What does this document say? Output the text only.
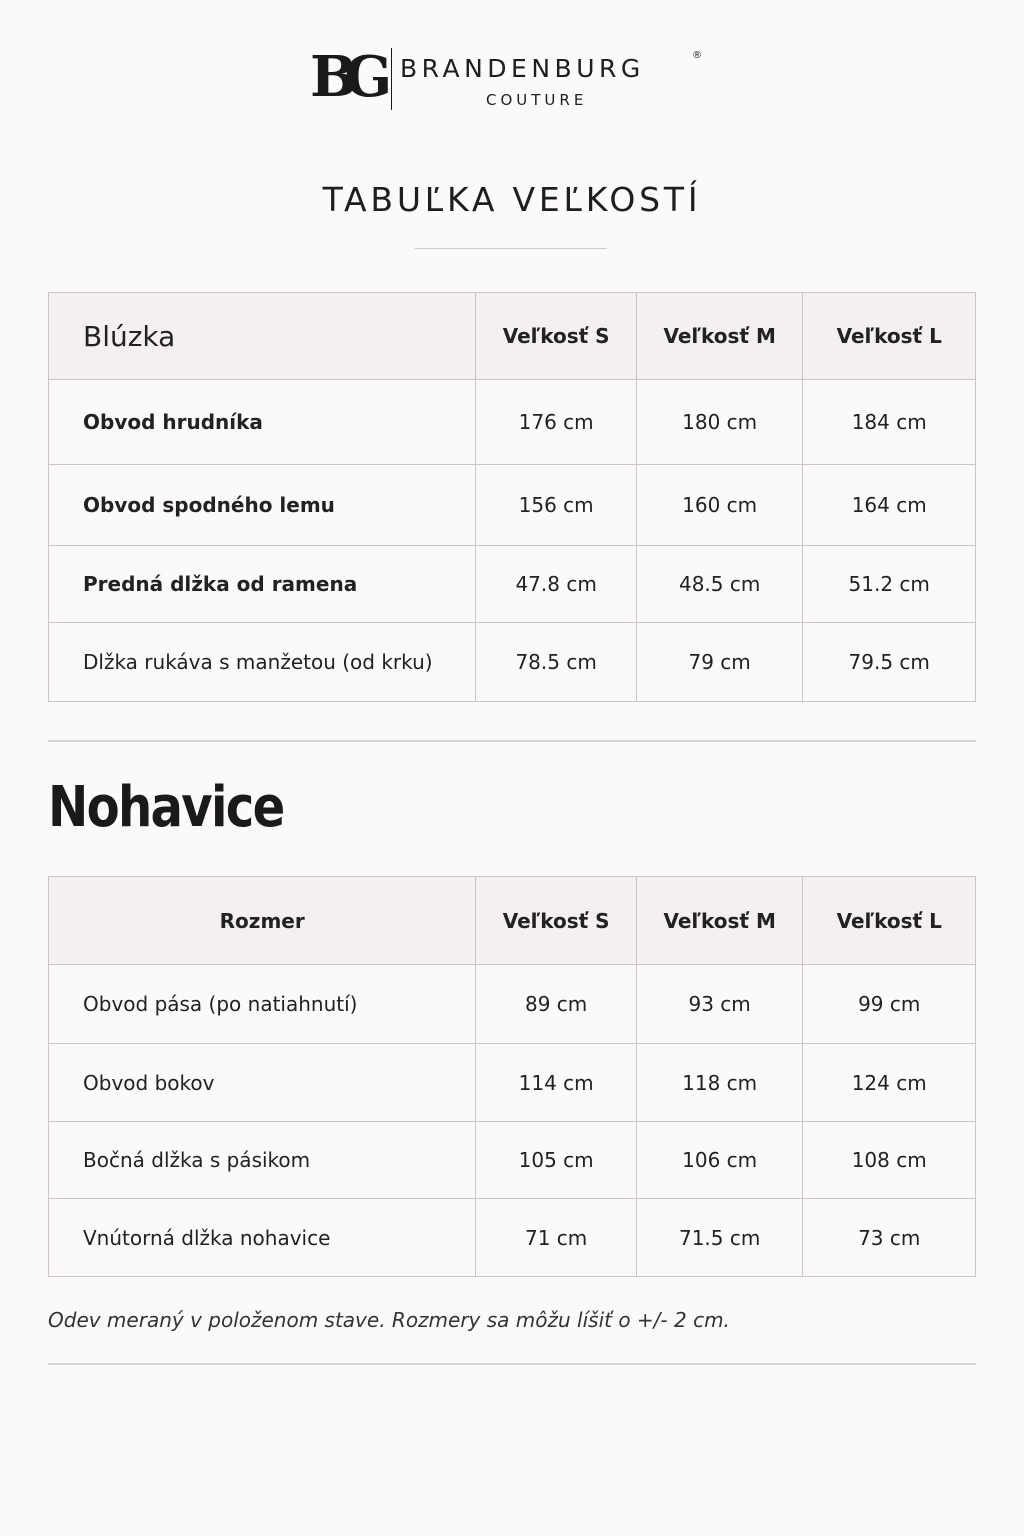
BG BRANDENBURG	®
COUTURE
TABUĽKA VEĽKOSTÍ
Blúzka	Veľkosť S	Veľkosť M	Veľkosť L
Obvod hrudníka	176 cm	180 cm	184 cm
Obvod spodného lemu	156 cm	160 cm	164 cm
Predná dlžka od ramena	47.8 cm	48.5 cm	51.2 cm
Dlžka rukáva s manžetou (od krku)	78.5 cm	79 cm	79.5 cm
Nohavice
Rozmer	Veľkosť S	Veľkosť M	Veľkosť L
Obvod pása (po natiahnutí)	89 cm	93 cm	99 cm
Obvod bokov	114 cm	118 cm	124 cm
Bočná dlžka s pásikom	105 cm	106 cm	108 cm
Vnútorná dlžka nohavice	71 cm	71.5 cm	73 cm
Odev meraný v položenom stave. Rozmery sa môžu líšiť o +/- 2 cm.
